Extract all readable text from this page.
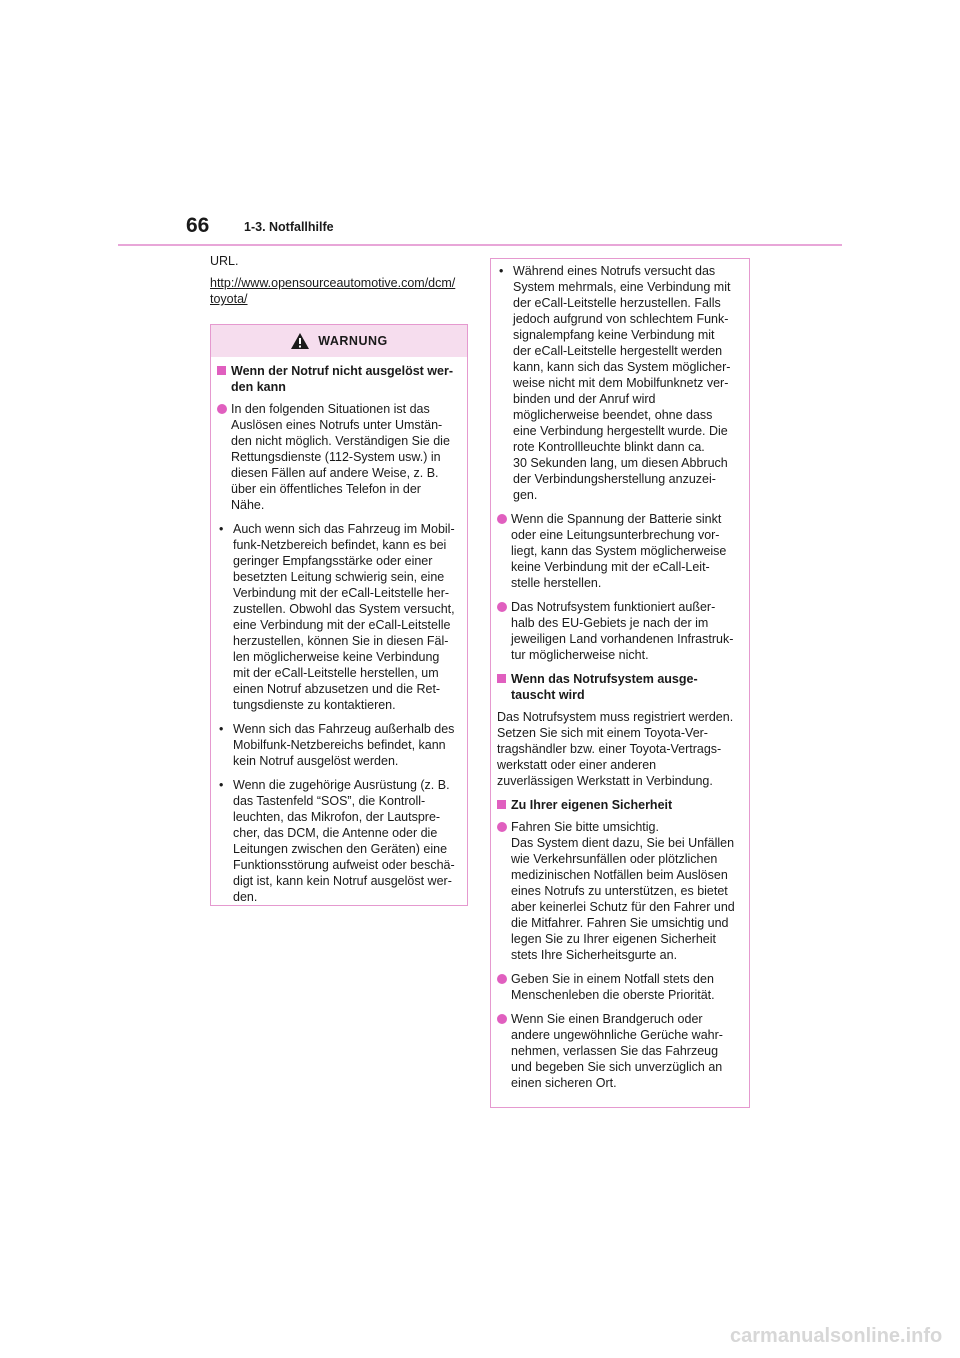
66	1-3. Notfallhilfe

URL.

http://www.opensourceautomotive.com/dcm/
toyota/
WARNUNG
Wenn der Notruf nicht ausgelöst wer-
den kann
In den folgenden Situationen ist das
Auslösen eines Notrufs unter Umstän-
den nicht möglich. Verständigen Sie die
Rettungsdienste (112-System usw.) in
diesen Fällen auf andere Weise, z. B.
über ein öffentliches Telefon in der
Nähe.
• Auch wenn sich das Fahrzeug im Mobil-
funk-Netzbereich befindet, kann es bei
geringer Empfangsstärke oder einer
besetzten Leitung schwierig sein, eine
Verbindung mit der eCall-Leitstelle her-
zustellen. Obwohl das System versucht,
eine Verbindung mit der eCall-Leitstelle
herzustellen, können Sie in diesen Fäl-
len möglicherweise keine Verbindung
mit der eCall-Leitstelle herstellen, um
einen Notruf abzusetzen und die Ret-
tungsdienste zu kontaktieren.
• Wenn sich das Fahrzeug außerhalb des
Mobilfunk-Netzbereichs befindet, kann
kein Notruf ausgelöst werden.
• Wenn die zugehörige Ausrüstung (z. B.
das Tastenfeld “SOS”, die Kontroll-
leuchten, das Mikrofon, der Lautspre-
cher, das DCM, die Antenne oder die
Leitungen zwischen den Geräten) eine
Funktionsstörung aufweist oder beschä-
digt ist, kann kein Notruf ausgelöst wer-
den.
• Während eines Notrufs versucht das
System mehrmals, eine Verbindung mit
der eCall-Leitstelle herzustellen. Falls
jedoch aufgrund von schlechtem Funk-
signalempfang keine Verbindung mit
der eCall-Leitstelle hergestellt werden
kann, kann sich das System möglicher-
weise nicht mit dem Mobilfunknetz ver-
binden und der Anruf wird
möglicherweise beendet, ohne dass
eine Verbindung hergestellt wurde. Die
rote Kontrollleuchte blinkt dann ca.
30 Sekunden lang, um diesen Abbruch
der Verbindungsherstellung anzuzei-
gen.
Wenn die Spannung der Batterie sinkt
oder eine Leitungsunterbrechung vor-
liegt, kann das System möglicherweise
keine Verbindung mit der eCall-Leit-
stelle herstellen.
Das Notrufsystem funktioniert außer-
halb des EU-Gebiets je nach der im
jeweiligen Land vorhandenen Infrastruk-
tur möglicherweise nicht.
Wenn das Notrufsystem ausge-
tauscht wird

Das Notrufsystem muss registriert werden.
Setzen Sie sich mit einem Toyota-Ver-
tragshändler bzw. einer Toyota-Vertrags-
werkstatt oder einer anderen
zuverlässigen Werkstatt in Verbindung.

Zu Ihrer eigenen Sicherheit
Fahren Sie bitte umsichtig.
Das System dient dazu, Sie bei Unfällen
wie Verkehrsunfällen oder plötzlichen
medizinischen Notfällen beim Auslösen
eines Notrufs zu unterstützen, es bietet
aber keinerlei Schutz für den Fahrer und
die Mitfahrer. Fahren Sie umsichtig und
legen Sie zu Ihrer eigenen Sicherheit
stets Ihre Sicherheitsgurte an.
Geben Sie in einem Notfall stets den
Menschenleben die oberste Priorität.
Wenn Sie einen Brandgeruch oder
andere ungewöhnliche Gerüche wahr-
nehmen, verlassen Sie das Fahrzeug
und begeben Sie sich unverzüglich an
einen sicheren Ort.
carmanualsonline.info
